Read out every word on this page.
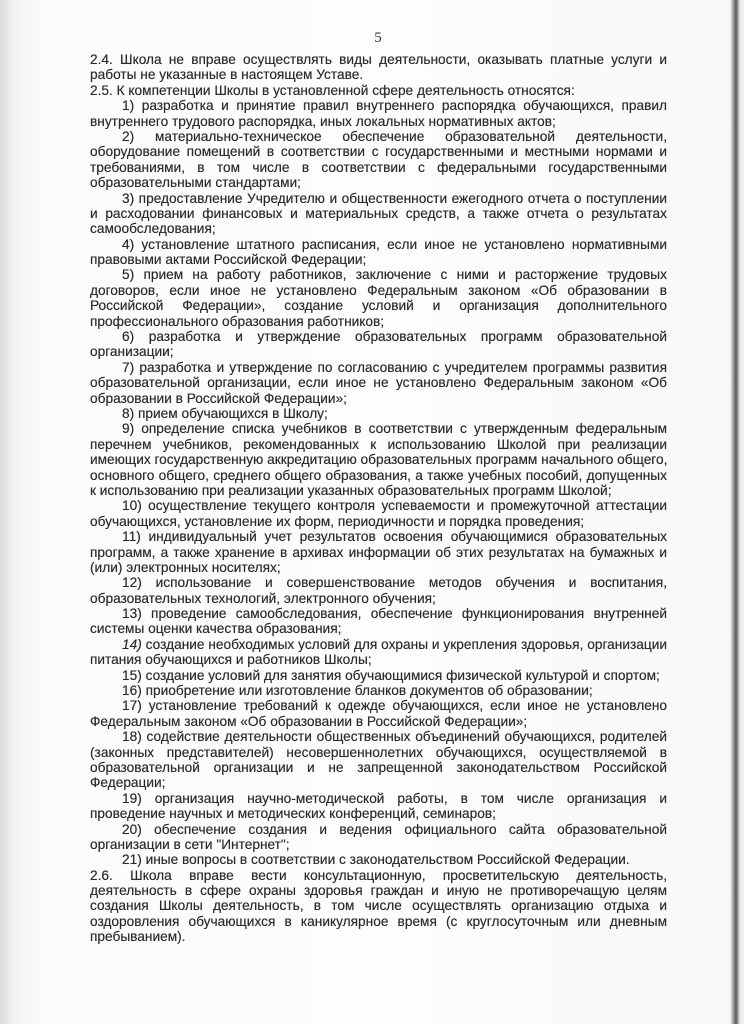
5
2.4. Школа не вправе осуществлять виды деятельности, оказывать платные услуги и
работы не указанные в настоящем Уставе.
2.5. К компетенции Школы в установленной сфере деятельность относятся:
1) разработка и принятие правил внутреннего распорядка обучающихся, правил
внутреннего трудового распорядка, иных локальных нормативных актов;
2) материально-техническое обеспечение образовательной деятельности,
оборудование помещений в соответствии с государственными и местными нормами и
требованиями, в том числе в соответствии с федеральными государственными
образовательными стандартами;
3) предоставление Учредителю и общественности ежегодного отчета о поступлении
и расходовании финансовых и материальных средств, а также отчета о результатах
самообследования;
4) установление штатного расписания, если иное не установлено нормативными
правовыми актами Российской Федерации;
5) прием на работу работников, заключение с ними и расторжение трудовых
договоров, если иное не установлено Федеральным законом «Об образовании в
Российской Федерации», создание условий и организация дополнительного
профессионального образования работников;
6) разработка и утверждение образовательных программ образовательной
организации;
7) разработка и утверждение по согласованию с учредителем программы развития
образовательной организации, если иное не установлено Федеральным законом «Об
образовании в Российской Федерации»;
8) прием обучающихся в Школу;
9) определение списка учебников в соответствии с утвержденным федеральным
перечнем учебников, рекомендованных к использованию Школой при реализации
имеющих государственную аккредитацию образовательных программ начального общего,
основного общего, среднего общего образования, а также учебных пособий, допущенных
к использованию при реализации указанных образовательных программ Школой;
10) осуществление текущего контроля успеваемости и промежуточной аттестации
обучающихся, установление их форм, периодичности и порядка проведения;
11) индивидуальный учет результатов освоения обучающимися образовательных
программ, а также хранение в архивах информации об этих результатах на бумажных и
(или) электронных носителях;
12) использование и совершенствование методов обучения и воспитания,
образовательных технологий, электронного обучения;
13) проведение самообследования, обеспечение функционирования внутренней
системы оценки качества образования;
14) создание необходимых условий для охраны и укрепления здоровья, организации
питания обучающихся и работников Школы;
15) создание условий для занятия обучающимися физической культурой и спортом;
16) приобретение или изготовление бланков документов об образовании;
17) установление требований к одежде обучающихся, если иное не установлено
Федеральным законом «Об образовании в Российской Федерации»;
18) содействие деятельности общественных объединений обучающихся, родителей
(законных представителей) несовершеннолетних обучающихся, осуществляемой в
образовательной организации и не запрещенной законодательством Российской
Федерации;
19) организация научно-методической работы, в том числе организация и
проведение научных и методических конференций, семинаров;
20) обеспечение создания и ведения официального сайта образовательной
организации в сети "Интернет";
21) иные вопросы в соответствии с законодательством Российской Федерации.
2.6. Школа вправе вести консультационную, просветительскую деятельность,
деятельность в сфере охраны здоровья граждан и иную не противоречащую целям
создания Школы деятельность, в том числе осуществлять организацию отдыха и
оздоровления обучающихся в каникулярное время (с круглосуточным или дневным
пребыванием).
